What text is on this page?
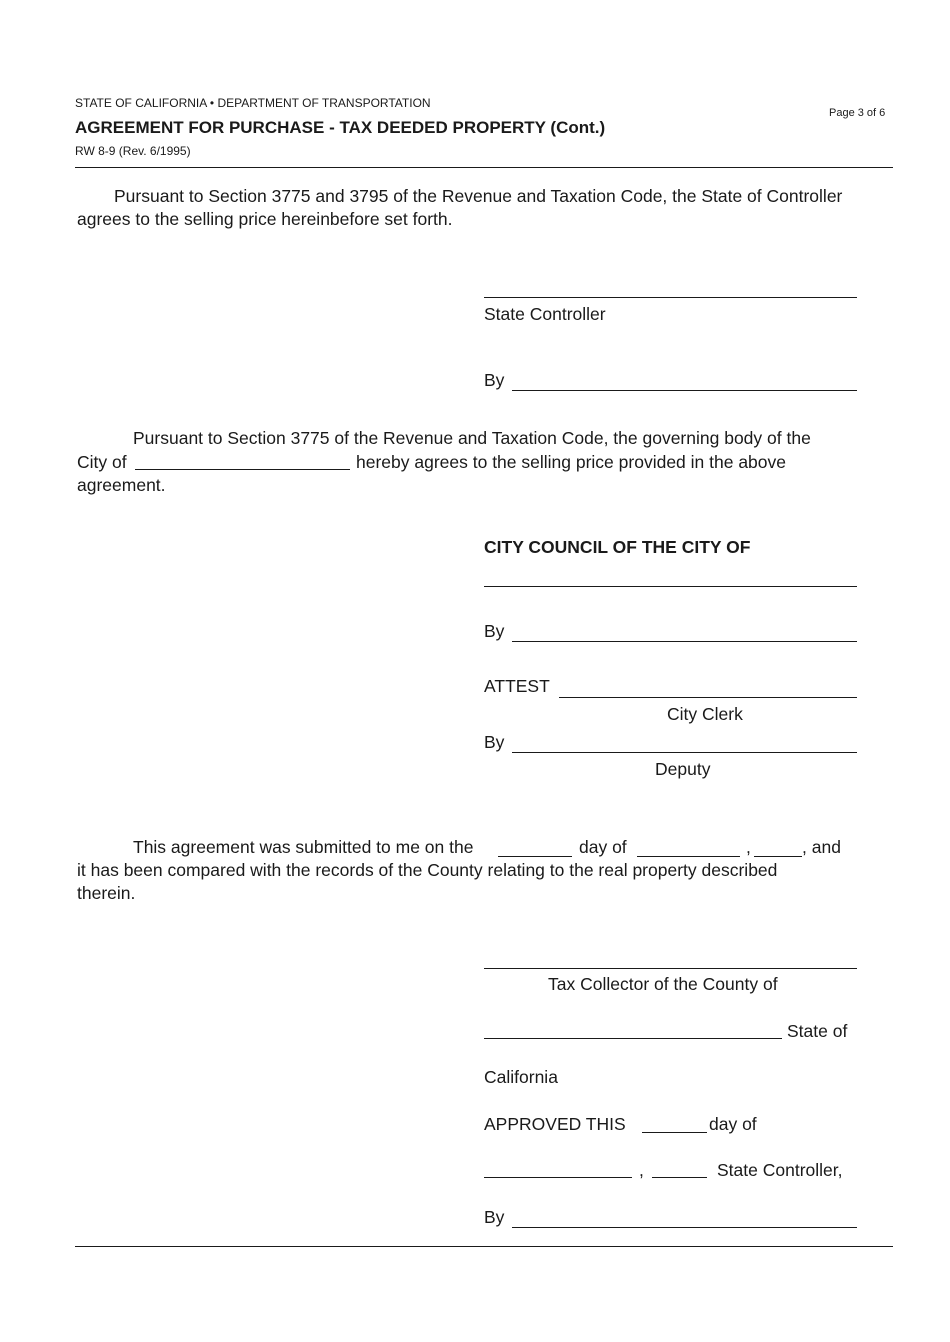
STATE OF CALIFORNIA • DEPARTMENT OF TRANSPORTATION
AGREEMENT FOR PURCHASE - TAX DEEDED PROPERTY (Cont.)
RW 8-9 (Rev. 6/1995)
Page 3 of 6
Pursuant to Section 3775 and 3795 of the Revenue and Taxation Code, the State of Controller
agrees to the selling price hereinbefore set forth.
State Controller
By
Pursuant to Section 3775 of the Revenue and Taxation Code, the governing body of the
City of	hereby agrees to the selling price provided in the above
agreement.
CITY COUNCIL OF THE CITY OF
By
ATTEST
City Clerk
By
Deputy
This agreement was submitted to me on the	day of	,	, and
it has been compared with the records of the County relating to the real property described
therein.
Tax Collector of the County of
State of
California
APPROVED THIS	day of
,	State Controller,
By
